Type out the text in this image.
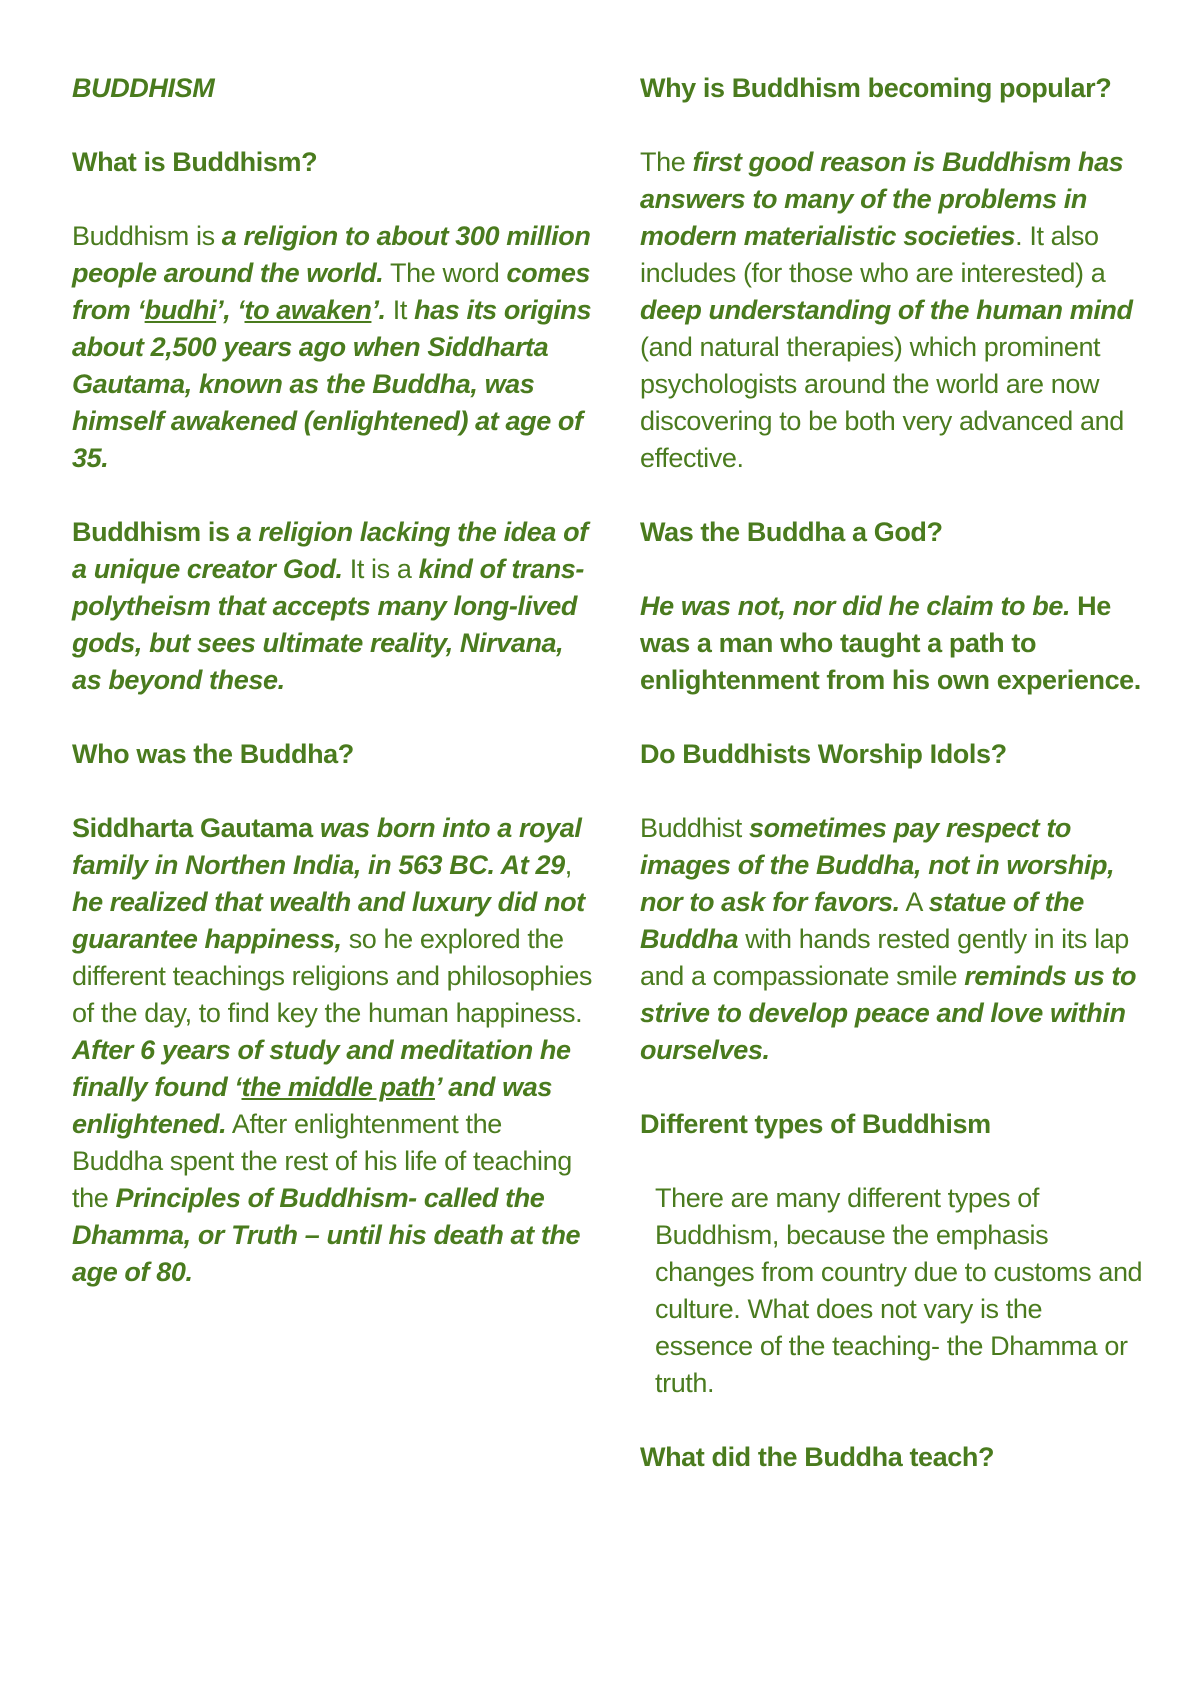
BUDDHISM
What is Buddhism?
Buddhism is a religion to about 300 million people around the world. The word comes from ‘budhi’, ‘to awaken’. It has its origins about 2,500 years ago when Siddharta Gautama, known as the Buddha, was himself awakened (enlightened) at age of 35.
Buddhism is a religion lacking the idea of a unique creator God. It is a kind of trans-polytheism that accepts many long-lived gods, but sees ultimate reality, Nirvana, as beyond these.
Who was the Buddha?
Siddharta Gautama was born into a royal family in Northen India, in 563 BC. At 29, he realized that wealth and luxury did not guarantee happiness, so he explored the different teachings religions and philosophies of the day, to find key the human happiness. After 6 years of study and meditation he finally found ‘the middle path’ and was enlightened. After enlightenment the Buddha spent the rest of his life of teaching the Principles of Buddhism- called the Dhamma, or Truth – until his death at the age of 80.
Why is Buddhism becoming popular?
The first good reason is Buddhism has answers to many of the problems in modern materialistic societies. It also includes (for those who are interested) a deep understanding of the human mind (and natural therapies) which prominent psychologists around the world are now discovering to be both very advanced and effective.
Was the Buddha a God?
He was not, nor did he claim to be. He was a man who taught a path to enlightenment from his own experience.
Do Buddhists Worship Idols?
Buddhist sometimes pay respect to images of the Buddha, not in worship, nor to ask for favors. A statue of the Buddha with hands rested gently in its lap and a compassionate smile reminds us to strive to develop peace and love within ourselves.
Different types of Buddhism
There are many different types of Buddhism, because the emphasis changes from country due to customs and culture. What does not vary is the essence of the teaching- the Dhamma or truth.
What did the Buddha teach?
